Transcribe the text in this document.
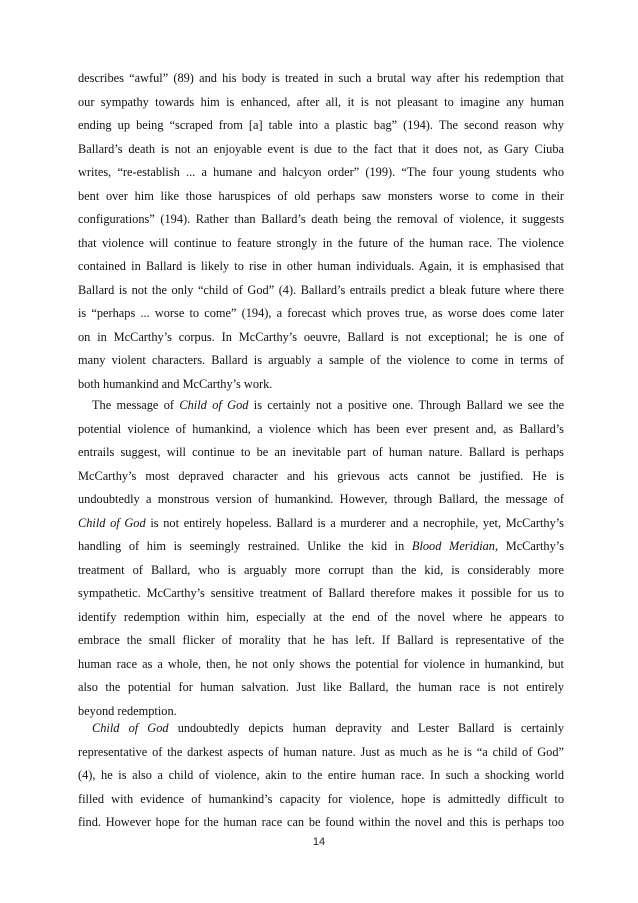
describes “awful” (89) and his body is treated in such a brutal way after his redemption that
our sympathy towards him is enhanced, after all, it is not pleasant to imagine any human
ending up being “scraped from [a] table into a plastic bag” (194). The second reason why
Ballard’s death is not an enjoyable event is due to the fact that it does not, as Gary Ciuba
writes, “re-establish ... a humane and halcyon order” (199). “The four young students who
bent over him like those haruspices of old perhaps saw monsters worse to come in their
configurations” (194). Rather than Ballard’s death being the removal of violence, it suggests
that violence will continue to feature strongly in the future of the human race. The violence
contained in Ballard is likely to rise in other human individuals. Again, it is emphasised that
Ballard is not the only “child of God” (4). Ballard’s entrails predict a bleak future where there
is “perhaps ... worse to come” (194), a forecast which proves true, as worse does come later
on in McCarthy’s corpus. In McCarthy’s oeuvre, Ballard is not exceptional; he is one of
many violent characters. Ballard is arguably a sample of the violence to come in terms of
both humankind and McCarthy’s work.
The message of Child of God is certainly not a positive one. Through Ballard we see the
potential violence of humankind, a violence which has been ever present and, as Ballard’s
entrails suggest, will continue to be an inevitable part of human nature. Ballard is perhaps
McCarthy’s most depraved character and his grievous acts cannot be justified. He is
undoubtedly a monstrous version of humankind. However, through Ballard, the message of
Child of God is not entirely hopeless. Ballard is a murderer and a necrophile, yet, McCarthy’s
handling of him is seemingly restrained. Unlike the kid in Blood Meridian, McCarthy’s
treatment of Ballard, who is arguably more corrupt than the kid, is considerably more
sympathetic. McCarthy’s sensitive treatment of Ballard therefore makes it possible for us to
identify redemption within him, especially at the end of the novel where he appears to
embrace the small flicker of morality that he has left. If Ballard is representative of the
human race as a whole, then, he not only shows the potential for violence in humankind, but
also the potential for human salvation. Just like Ballard, the human race is not entirely
beyond redemption.
Child of God undoubtedly depicts human depravity and Lester Ballard is certainly
representative of the darkest aspects of human nature. Just as much as he is “a child of God”
(4), he is also a child of violence, akin to the entire human race. In such a shocking world
filled with evidence of humankind’s capacity for violence, hope is admittedly difficult to
find. However hope for the human race can be found within the novel and this is perhaps too
14
